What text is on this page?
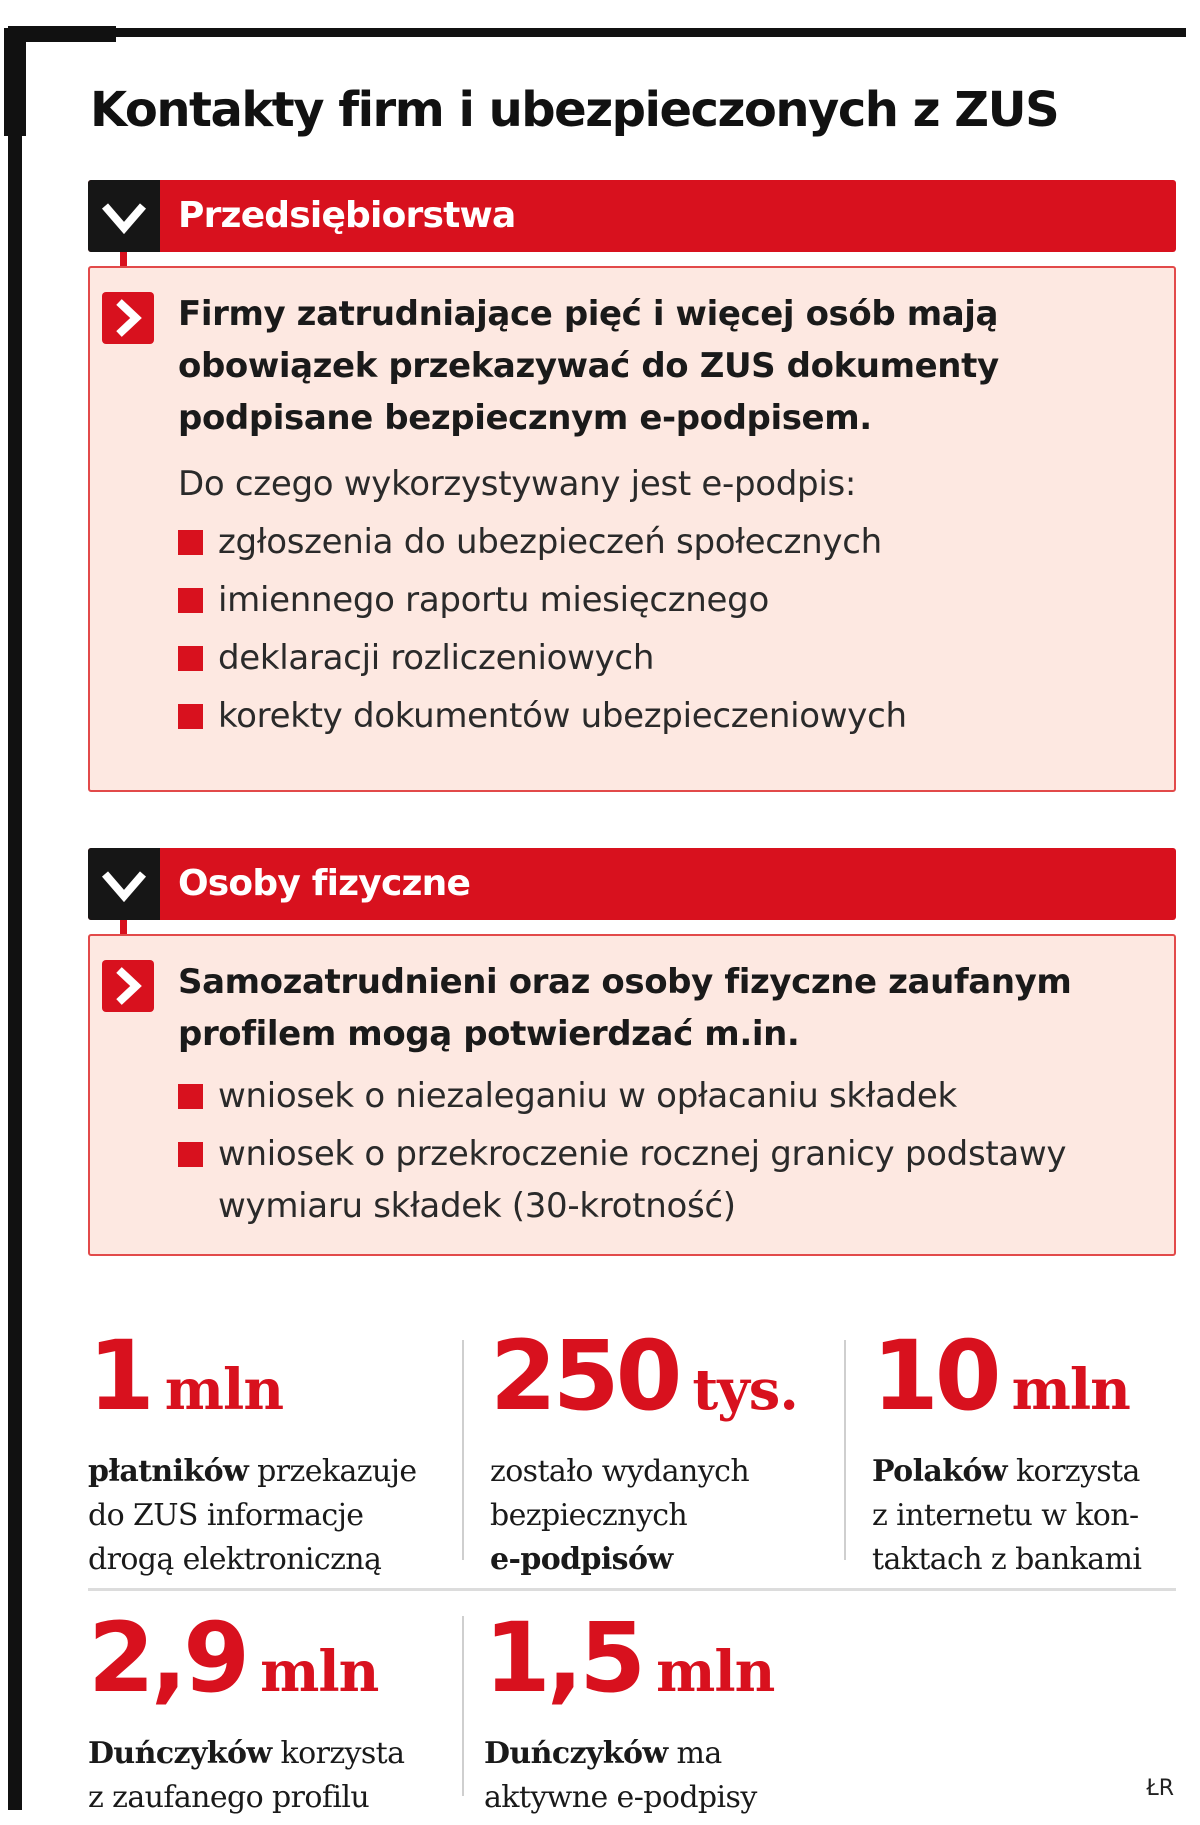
Kontakty firm i ubezpieczonych z ZUS
Przedsiębiorstwa
Firmy zatrudniające pięć i więcej osób mają
obowiązek przekazywać do ZUS dokumenty
podpisane bezpiecznym e-podpisem.
Do czego wykorzystywany jest e-podpis:
zgłoszenia do ubezpieczeń społecznych
imiennego raportu miesięcznego
deklaracji rozliczeniowych
korekty dokumentów ubezpieczeniowych
Osoby fizyczne
Samozatrudnieni oraz osoby fizyczne zaufanym
profilem mogą potwierdzać m.in.
wniosek o niezaleganiu w opłacaniu składek
wniosek o przekroczenie rocznej granicy podstawy
wymiaru składek (30-krotność)
1 mln
płatników przekazuje
do ZUS informacje
drogą elektroniczną
250 tys.
zostało wydanych
bezpiecznych
e-podpisów
10 mln
Polaków korzysta
z internetu w kon-
taktach z bankami
2,9 mln
Duńczyków korzysta
z zaufanego profilu
1,5 mln
Duńczyków ma
aktywne e-podpisy	ŁR
